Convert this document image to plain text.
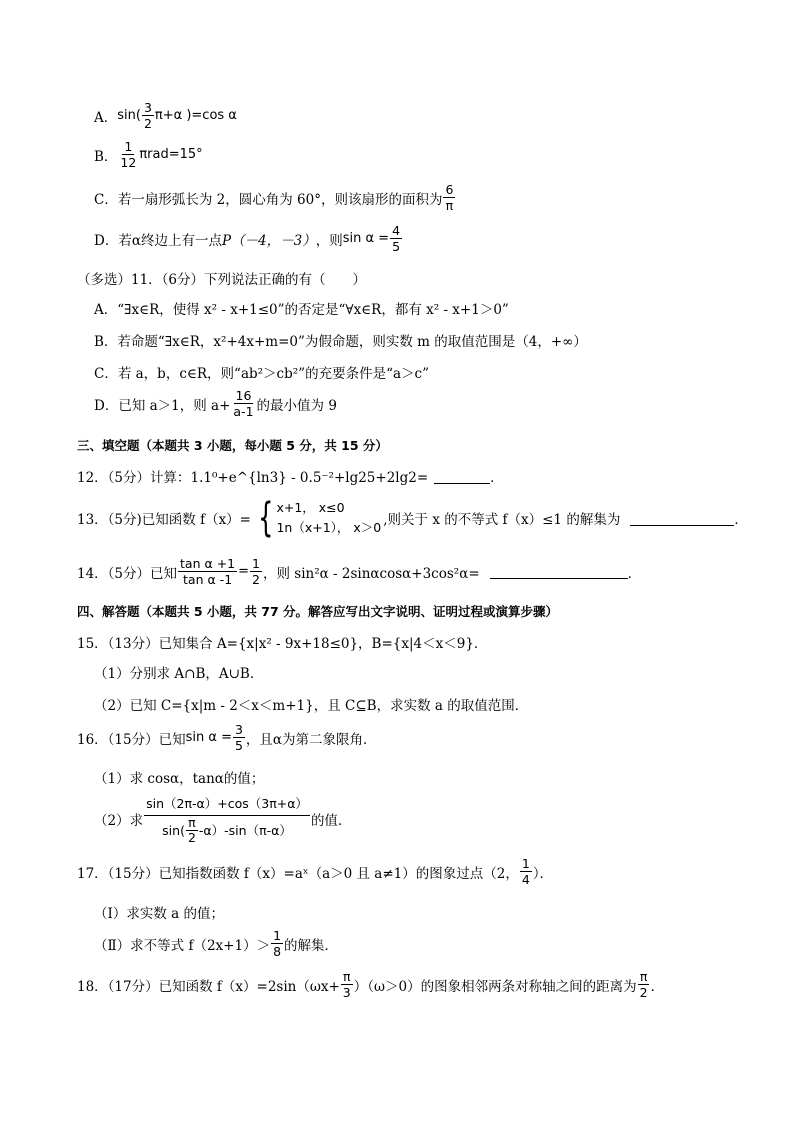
A． $\sin( \frac{3}{2} \pi+\alpha$ )=cos α
B． $\frac{1}{12} \pi rad=15^\circ$
C． 若一扇形弧长为 2，圆心角为 60°，则该扇形的面积为 $\frac{6}{\pi}$
D． 若α终边上有一点 P（－4，－3） ，则 $\sin \alpha = \frac{4}{5}$
（多选）11．（6分）下列说法正确的有（　　）
A． “∃x∈R，使得 x² - x+1≤0”的否定是“∀x∈R，都有 x² - x+1＞0”
B． 若命题“∃x∈R，x²+4x+m=0”为假命题，则实数 m 的取值范围是（4，+∞）
C． 若 a，b，c∈R，则“ab²＞cb²”的充要条件是“a＞c”
D． 已知 a＞1，则 $a+ \frac{16}{a-1}$ 的最小值为 9
三、填空题（本题共 3 小题，每小题 5 分，共 15 分）
12．（5分）计算：1.1⁰+e^{ln3} - 0.5⁻²+lg25+2lg2=	．
13．（5分)已知函数 f（x）= { x+1， x≤0
1n（x+1）， x＞0 ,则关于 x 的不等式 f（x）≤1 的解集为	．
14．（5分）已知 $\frac{\text{tan α +1}}{\text{tan α -1}} = \frac{1}{2}$ ，则 sin²α - 2sinαcosα+3cos²α=	．
四、解答题（本题共 5 小题，共 77 分。解答应写出文字说明、证明过程或演算步骤）
15．（13分）已知集合 A={x|x² - 9x+18≤0}，B={x|4＜x＜9}．
（1）分别求 A∩B，A∪B．
（2）已知 C={x|m - 2＜x＜m+1}，且 C⊆B，求实数 a 的取值范围．
16．（15分）已知 $\sin \alpha = \frac{3}{5}$ ，且α为第二象限角．
（1）求 cosα，tanα的值；
（2）求 $\frac{\sin(2\pi-\alpha)+\cos(3\pi+\alpha)}{\sin( \frac{\pi}{2} -\alpha)-\sin(\pi-\alpha)}$ 的值．
17．（15分）已知指数函数 f（x）=aˣ（a＞0 且 a≠1）的图象过点（2， $\frac{1}{4}$ ）．
（Ⅰ）求实数 a 的值；
（Ⅱ）求不等式 $f(2x+1)> \frac{1}{8}$ 的解集．
18．（17分）已知函数 $f(x)=2\sin(\omega x+ \frac{\pi}{3} )(\omega>0)$的图象相邻两条对称轴之间的距离为 $\frac{\pi}{2}$ ．
